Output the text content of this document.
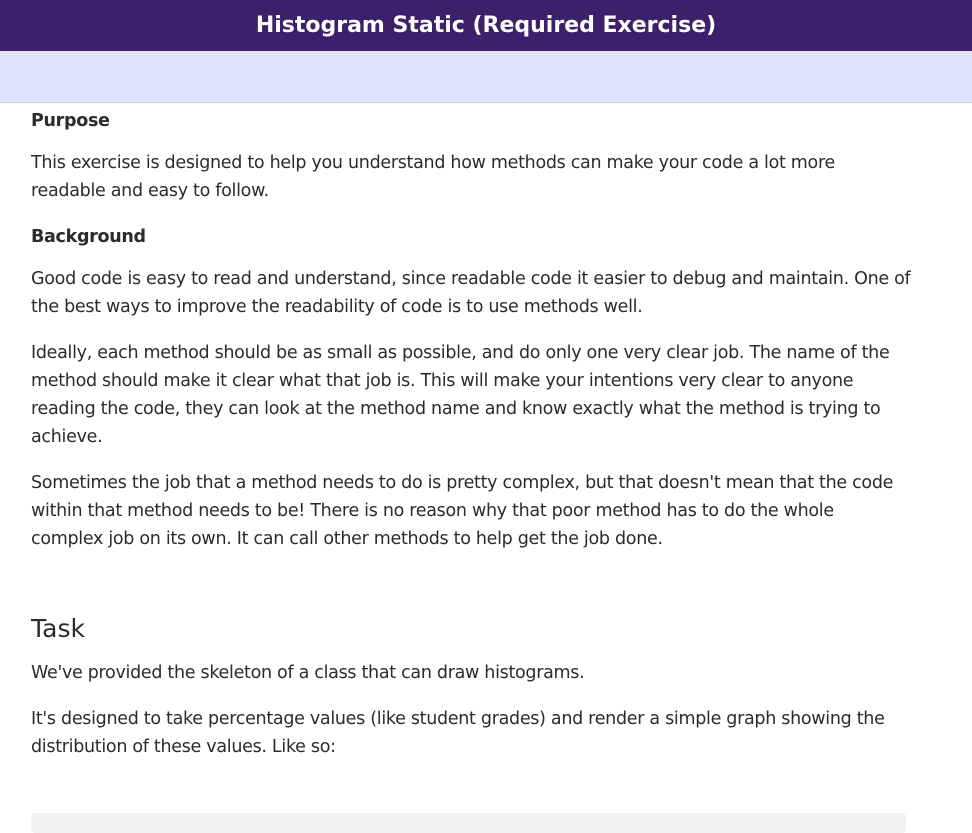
Histogram Static (Required Exercise)

Purpose

This exercise is designed to help you understand how methods can make your code a lot more readable and easy to follow.

Background

Good code is easy to read and understand, since readable code it easier to debug and maintain. One of the best ways to improve the readability of code is to use methods well.

Ideally, each method should be as small as possible, and do only one very clear job. The name of the method should make it clear what that job is. This will make your intentions very clear to anyone reading the code, they can look at the method name and know exactly what the method is trying to achieve.

Sometimes the job that a method needs to do is pretty complex, but that doesn't mean that the code within that method needs to be! There is no reason why that poor method has to do the whole complex job on its own. It can call other methods to help get the job done.

Task

We've provided the skeleton of a class that can draw histograms.

It's designed to take percentage values (like student grades) and render a simple graph showing the distribution of these values. Like so:
